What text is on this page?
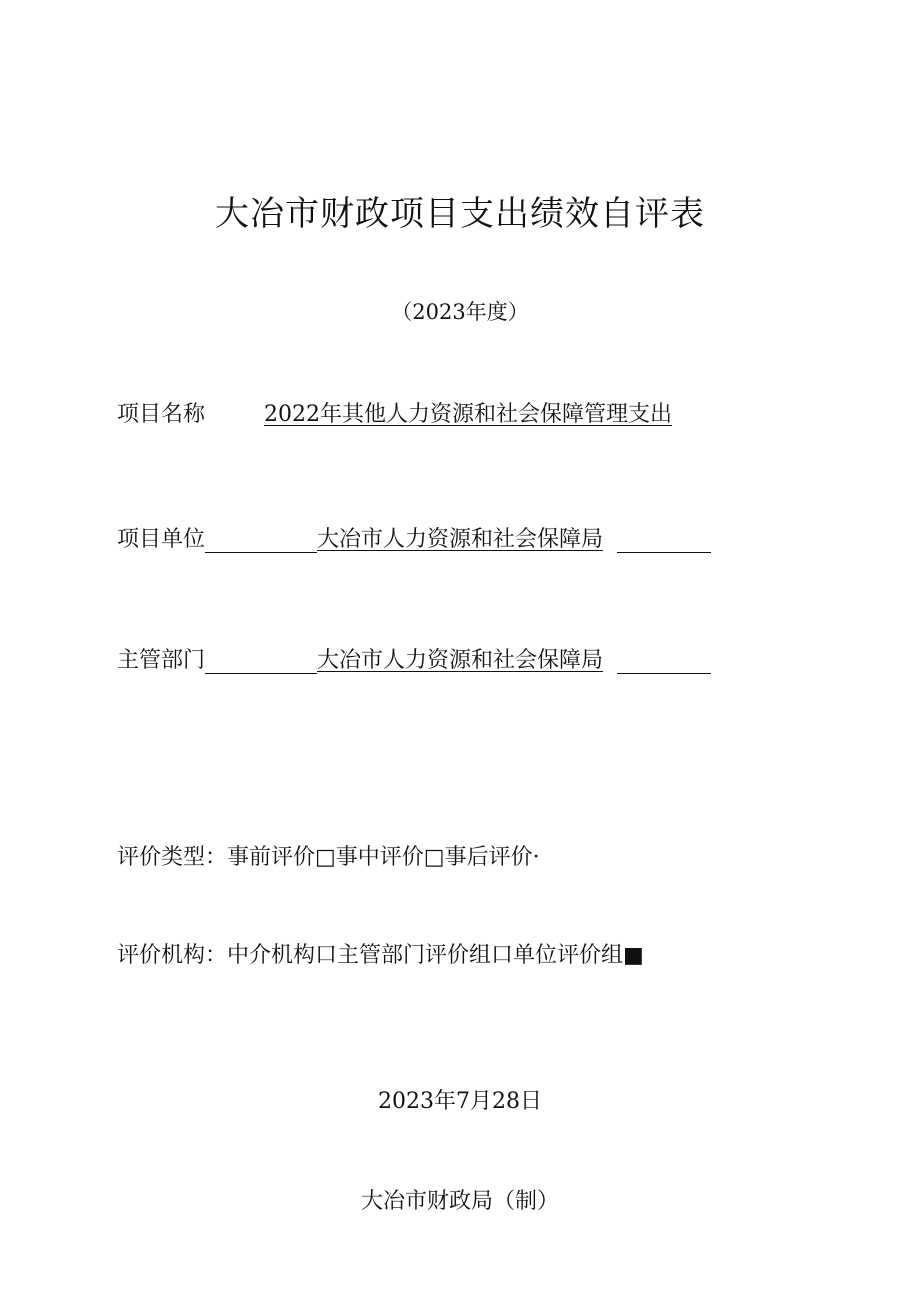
大冶市财政项目支出绩效自评表
（2023年度）
项目名称	2022年其他人力资源和社会保障管理支出
项目单位	大冶市人力资源和社会保障局
主管部门	大冶市人力资源和社会保障局
评价类型：事前评价□事中评价□事后评价·
评价机构：中介机构口主管部门评价组口单位评价组■
2023年7月28日
大冶市财政局（制）
